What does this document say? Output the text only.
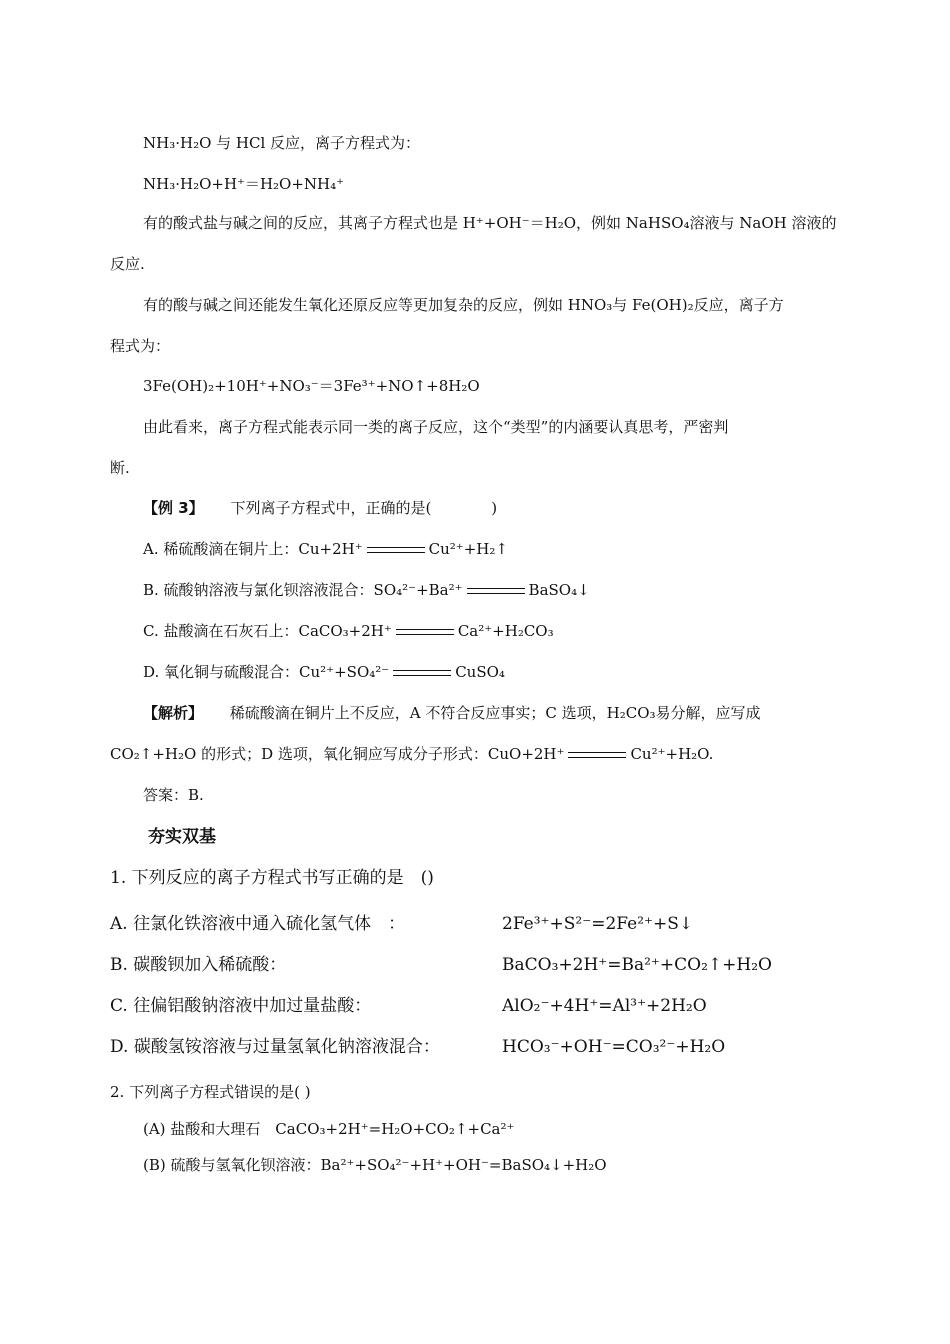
NH₃·H₂O 与 HCl 反应，离子方程式为：
NH₃·H₂O+H⁺＝H₂O+NH₄⁺
有的酸式盐与碱之间的反应，其离子方程式也是 H⁺+OH⁻＝H₂O，例如 NaHSO₄溶液与 NaOH 溶液的
反应.
有的酸与碱之间还能发生氧化还原反应等更加复杂的反应，例如 HNO₃与 Fe(OH)₂反应，离子方
程式为：
3Fe(OH)₂+10H⁺+NO₃⁻＝3Fe³⁺+NO↑+8H₂O
由此看来，离子方程式能表示同一类的离子反应，这个“类型”的内涵要认真思考，严密判
断.
【例 3】 下列离子方程式中，正确的是(　　　　)
A. 稀硫酸滴在铜片上：Cu+2H⁺	Cu²⁺+H₂↑
B. 硫酸钠溶液与氯化钡溶液混合：SO₄²⁻+Ba²⁺	BaSO₄↓
C. 盐酸滴在石灰石上：CaCO₃+2H⁺	Ca²⁺+H₂CO₃
D. 氧化铜与硫酸混合：Cu²⁺+SO₄²⁻	CuSO₄
【解析】 稀硫酸滴在铜片上不反应，A 不符合反应事实；C 选项，H₂CO₃易分解，应写成
CO₂↑+H₂O 的形式；D 选项，氧化铜应写成分子形式：CuO+2H⁺	Cu²⁺+H₂O.
答案：B.
夯实双基
1. 下列反应的离子方程式书写正确的是　()
A. 往氯化铁溶液中通入硫化氢气体　：	2Fe³⁺+S²⁻=2Fe²⁺+S↓
B. 碳酸钡加入稀硫酸：	BaCO₃+2H⁺=Ba²⁺+CO₂↑+H₂O
C. 往偏铝酸钠溶液中加过量盐酸：	AlO₂⁻+4H⁺=Al³⁺+2H₂O
D. 碳酸氢铵溶液与过量氢氧化钠溶液混合：	HCO₃⁻+OH⁻=CO₃²⁻+H₂O
2. 下列离子方程式错误的是( )
(A) 盐酸和大理石　CaCO₃+2H⁺=H₂O+CO₂↑+Ca²⁺
(B) 硫酸与氢氧化钡溶液：Ba²⁺+SO₄²⁻+H⁺+OH⁻=BaSO₄↓+H₂O
